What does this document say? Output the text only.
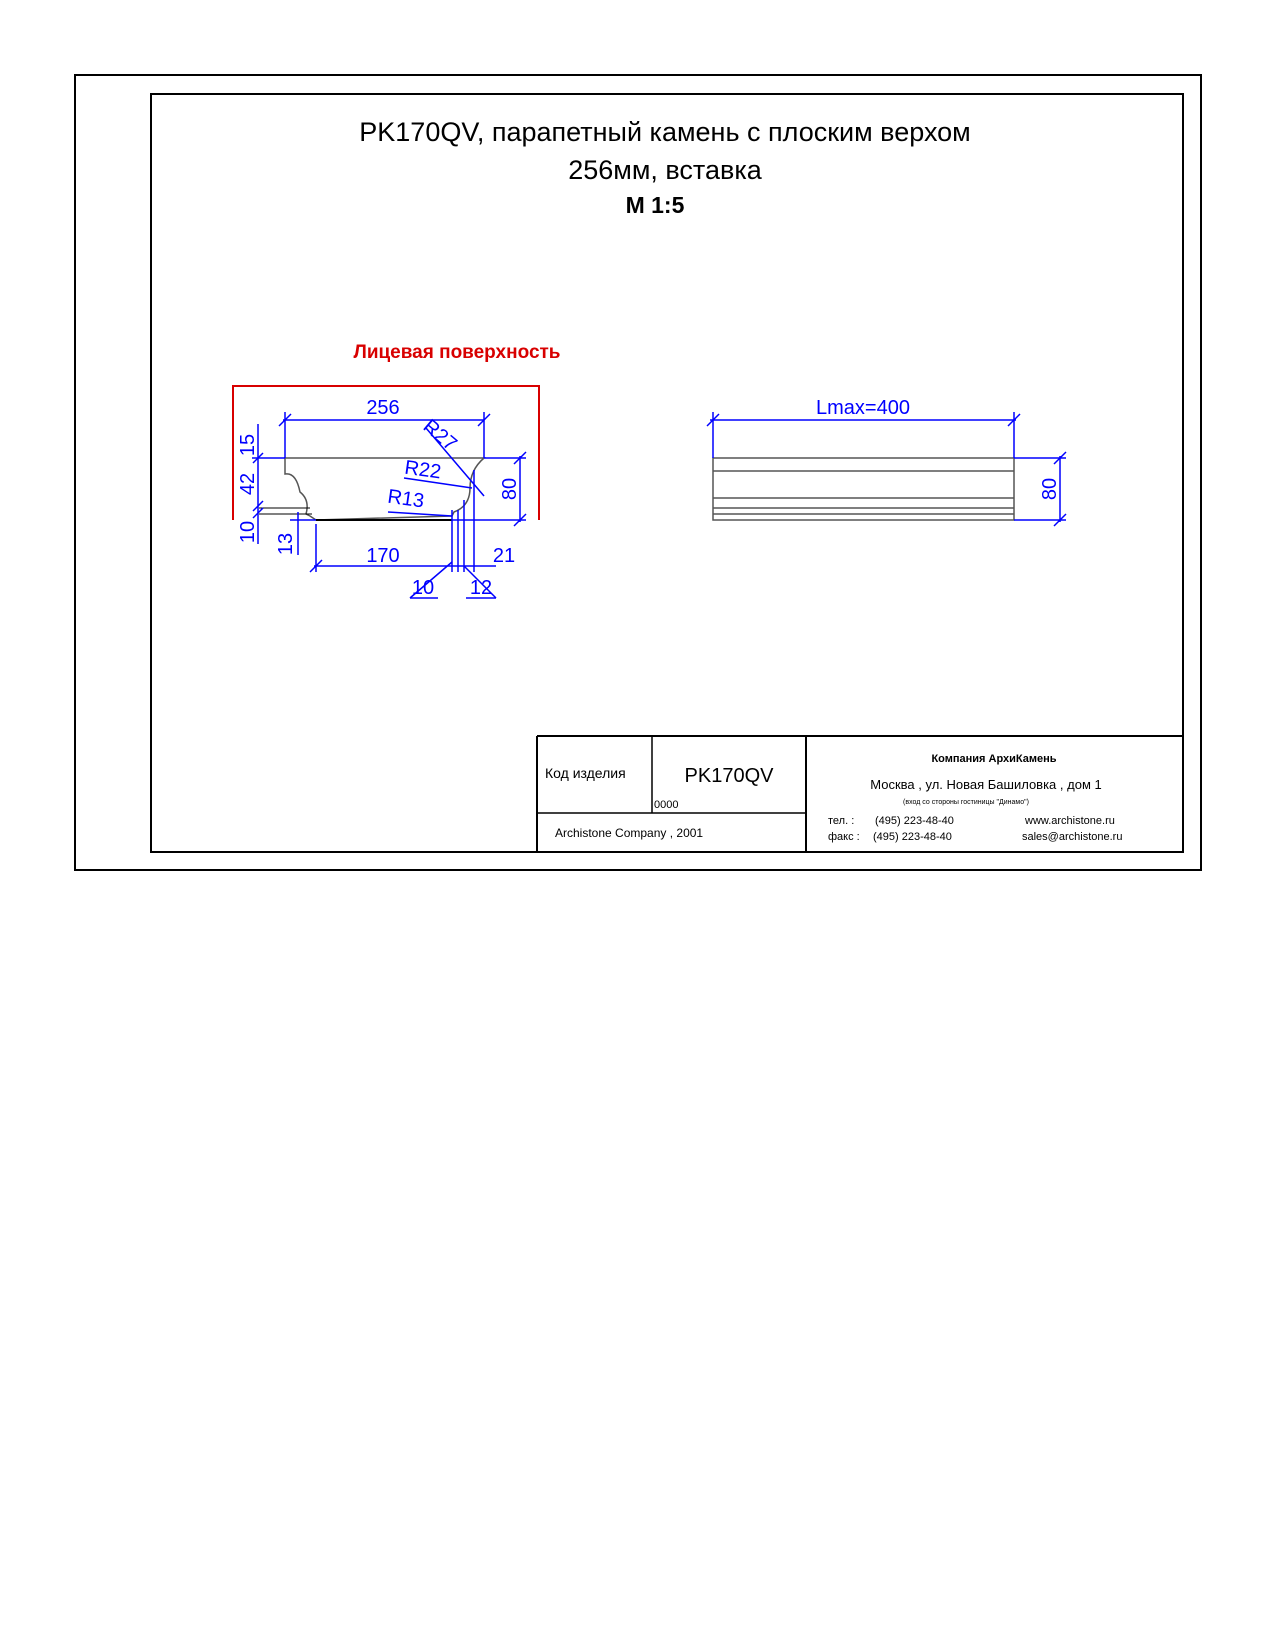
PK170QV, парапетный камень с плоским верхом
256мм, вставка
М 1:5
Лицевая поверхность
256
15
42
10
13
170
80
R27
R22
R13
21
10 12
Lmax=400
80
Код изделия	PK170QV
0000
Archistone Company , 2001
Компания АрхиКамень
Москва , ул. Новая Башиловка , дом 1
(вход со стороны гостиницы "Динамо")
тел. : (495) 223-48-40
факс : (495) 223-48-40
www.archistone.ru
sales@archistone.ru
